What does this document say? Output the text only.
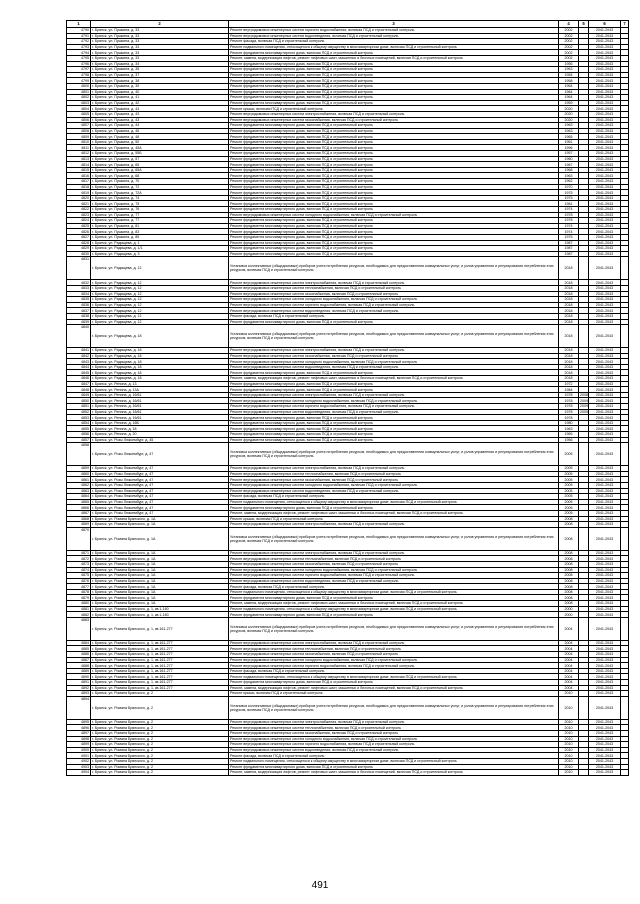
1	2	3	4	5	6	7
4790	г. Брянск, ул. Пушкина, д. 33	Ремонт внутридомовых инженерных систем горячего водоснабжения, включая ПСД и строительный контроль	2002		2041-2043	
4791	г. Брянск, ул. Пушкина, д. 33	Ремонт внутридомовых инженерных систем водоотведения, включая ПСД и строительный контроль	2002		2041-2043	
4792	г. Брянск, ул. Пушкина, д. 33	Ремонт фасада, включая ПСД и строительный контроль	2002		2041-2043	
4793	г. Брянск, ул. Пушкина, д. 33	Ремонт подвального помещения, относящегося к общему имуществу в многоквартирном доме, включая ПСД и строительный контроль	2002		2041-2043	
4794	г. Брянск, ул. Пушкина, д. 33	Ремонт фундамента многоквартирного дома, включая ПСД и строительный контроль	2002		2041-2043	
4795	г. Брянск, ул. Пушкина, д. 33	Ремонт, замена, модернизация лифтов, ремонт лифтовых шахт, машинных и блочных помещений, включая ПСД и строительный контроль	2002		2041-2043	
4796	г. Брянск, ул. Пушкина, д. 34	Ремонт фундамента многоквартирного дома, включая ПСД и строительный контроль	1956		2041-2043	
4797	г. Брянск, ул. Пушкина, д. 35	Ремонт фундамента многоквартирного дома, включая ПСД и строительный контроль	1963		2041-2043	
4798	г. Брянск, ул. Пушкина, д. 37	Ремонт фундамента многоквартирного дома, включая ПСД и строительный контроль	1954		2041-2043	
4799	г. Брянск, ул. Пушкина, д. 38	Ремонт фундамента многоквартирного дома, включая ПСД и строительный контроль	1958		2041-2043	
4800	г. Брянск, ул. Пушкина, д. 39	Ремонт фундамента многоквартирного дома, включая ПСД и строительный контроль	1964		2041-2043	
4801	г. Брянск, ул. Пушкина, д. 40	Ремонт фундамента многоквартирного дома, включая ПСД и строительный контроль	1964		2041-2043	
4802	г. Брянск, ул. Пушкина, д. 41	Ремонт фундамента многоквартирного дома, включая ПСД и строительный контроль	1964		2041-2043	
4803	г. Брянск, ул. Пушкина, д. 42	Ремонт фундамента многоквартирного дома, включая ПСД и строительный контроль	1959		2041-2043	
4804	г. Брянск, ул. Пушкина, д. 43	Ремонт крыши, включая ПСД и строительный контроль	2020		2041-2043	
4805	г. Брянск, ул. Пушкина, д. 43	Ремонт внутридомовых инженерных систем электроснабжения, включая ПСД и строительный контроль	2020		2041-2043	
4806	г. Брянск, ул. Пушкина, д. 43	Ремонт внутридомовых инженерных систем газоснабжения, включая ПСД и строительный контроль	2020		2041-2043	
4807	г. Брянск, ул. Пушкина, д. 44	Ремонт фундамента многоквартирного дома, включая ПСД и строительный контроль	1963		2041-2043	
4808	г. Брянск, ул. Пушкина, д. 46	Ремонт фундамента многоквартирного дома, включая ПСД и строительный контроль	1963		2041-2043	
4809	г. Брянск, ул. Пушкина, д. 48	Ремонт фундамента многоквартирного дома, включая ПСД и строительный контроль	1965		2041-2043	
4810	г. Брянск, ул. Пушкина, д. 50	Ремонт фундамента многоквартирного дома, включая ПСД и строительный контроль	1961		2041-2043	
4811	г. Брянск, ул. Пушкина, д. 45А	Ремонт фундамента многоквартирного дома, включая ПСД и строительный контроль	1996		2041-2043	
4812	г. Брянск, ул. Пушкина, д. 55Б	Ремонт фундамента многоквартирного дома, включая ПСД и строительный контроль	1957		2041-2043	
4813	г. Брянск, ул. Пушкина, д. 57	Ремонт фундамента многоквартирного дома, включая ПСД и строительный контроль	1960		2041-2043	
4814	г. Брянск, ул. Пушкина, д. 65	Ремонт фундамента многоквартирного дома, включая ПСД и строительный контроль	1967		2041-2043	
4815	г. Брянск, ул. Пушкина, д. 65А	Ремонт фундамента многоквартирного дома, включая ПСД и строительный контроль	1968		2041-2043	
4816	г. Брянск, ул. Пушкина, д. 68	Ремонт фундамента многоквартирного дома, включая ПСД и строительный контроль	1963		2041-2043	
4817	г. Брянск, ул. Пушкина, д. 70	Ремонт фундамента многоквартирного дома, включая ПСД и строительный контроль	1962		2041-2043	
4818	г. Брянск, ул. Пушкина, д. 72	Ремонт фундамента многоквартирного дома, включая ПСД и строительный контроль	1970		2041-2043	
4819	г. Брянск, ул. Пушкина, д. 72А	Ремонт фундамента многоквартирного дома, включая ПСД и строительный контроль	1975		2041-2043	
4820	г. Брянск, ул. Пушкина, д. 74	Ремонт фундамента многоквартирного дома, включая ПСД и строительный контроль	1975		2041-2043	
4821	г. Брянск, ул. Пушкина, д. 75	Ремонт фундамента многоквартирного дома, включая ПСД и строительный контроль	1981		2041-2043	
4822	г. Брянск, ул. Пушкина, д. 76	Ремонт фундамента многоквартирного дома, включая ПСД и строительный контроль	1974		2041-2043	
4823	г. Брянск, ул. Пушкина, д. 77	Ремонт внутридомовых инженерных систем холодного водоснабжения, включая ПСД и строительный контроль	1978		2041-2043	
4824	г. Брянск, ул. Пушкина, д. 77	Ремонт фундамента многоквартирного дома, включая ПСД и строительный контроль	1978		2041-2043	
4825	г. Брянск, ул. Пушкина, д. 81	Ремонт фундамента многоквартирного дома, включая ПСД и строительный контроль	1974		2041-2043	
4826	г. Брянск, ул. Пушкина, д. 83	Ремонт фундамента многоквартирного дома, включая ПСД и строительный контроль	1974		2041-2043	
4827	г. Брянск, ул. Пушкина, д. 85	Ремонт фундамента многоквартирного дома, включая ПСД и строительный контроль	1975		2041-2043	
4828	г. Брянск, ул. Радищева, д. 1	Ремонт фундамента многоквартирного дома, включая ПСД и строительный контроль	1987		2041-2043	
4829	г. Брянск, ул. Радищева, д. 1/1	Ремонт фундамента многоквартирного дома, включая ПСД и строительный контроль	1987		2041-2043	
4830	г. Брянск, ул. Радищева, д. 3	Ремонт фундамента многоквартирного дома, включая ПСД и строительный контроль	1987		2041-2043	
4831	г. Брянск, ул. Радищева, д. 12	Установка коллективных (общедомовых) приборов учета потребления ресурсов, необходимых для предоставления коммунальных услуг, и узлов управления и регулирования потребления этих ресурсов, включая ПСД и строительный контроль	2018		2041-2043	
4832	г. Брянск, ул. Радищева, д. 12	Ремонт внутридомовых инженерных систем электроснабжения, включая ПСД и строительный контроль	2018		2041-2043	
4833	г. Брянск, ул. Радищева, д. 12	Ремонт внутридомовых инженерных систем теплоснабжения, включая ПСД и строительный контроль	2018		2041-2043	
4834	г. Брянск, ул. Радищева, д. 12	Ремонт внутридомовых инженерных систем газоснабжения, включая ПСД и строительный контроль	2018		2041-2043	
4835	г. Брянск, ул. Радищева, д. 12	Ремонт внутридомовых инженерных систем холодного водоснабжения, включая ПСД и строительный контроль	2018		2041-2043	
4836	г. Брянск, ул. Радищева, д. 12	Ремонт внутридомовых инженерных систем горячего водоснабжения, включая ПСД и строительный контроль	2018		2041-2043	
4837	г. Брянск, ул. Радищева, д. 12	Ремонт внутридомовых инженерных систем водоотведения, включая ПСД и строительный контроль	2018		2041-2043	
4838	г. Брянск, ул. Радищева, д. 12	Ремонт фасада, включая ПСД и строительный контроль	2018		2041-2043	
4839	г. Брянск, ул. Радищева, д. 12	Ремонт фундамента многоквартирного дома, включая ПСД и строительный контроль	2018		2041-2043	
4840	г. Брянск, ул. Радищева, д. 18	Установка коллективных (общедомовых) приборов учета потребления ресурсов, необходимых для предоставления коммунальных услуг, и узлов управления и регулирования потребления этих ресурсов, включая ПСД и строительный контроль	2018		2041-2043	
4841	г. Брянск, ул. Радищева, д. 18	Ремонт внутридомовых инженерных систем электроснабжения, включая ПСД и строительный контроль	2018		2041-2043	
4842	г. Брянск, ул. Радищева, д. 18	Ремонт внутридомовых инженерных систем газоснабжения, включая ПСД и строительный контроль	2018		2041-2043	
4843	г. Брянск, ул. Радищева, д. 18	Ремонт внутридомовых инженерных систем холодного водоснабжения, включая ПСД и строительный контроль	2018		2041-2043	
4844	г. Брянск, ул. Радищева, д. 18	Ремонт внутридомовых инженерных систем водоотведения, включая ПСД и строительный контроль	2018		2041-2043	
4845	г. Брянск, ул. Радищева, д. 18	Ремонт фундамента многоквартирного дома, включая ПСД и строительный контроль	2018		2041-2043	
4846	г. Брянск, ул. Радищева, д. 18	Ремонт, замена, модернизация лифтов, ремонт лифтовых шахт, машинных и блочных помещений, включая ПСД и строительный контроль	2018		2041-2043	
4847	г. Брянск, ул. Репина, д. 13	Ремонт фундамента многоквартирного дома, включая ПСД и строительный контроль	1972		2041-2043	
4848	г. Брянск, ул. Репина, д. 13А	Ремонт фундамента многоквартирного дома, включая ПСД и строительный контроль	1984		2041-2043	
4849	г. Брянск, ул. Репина, д. 16/61	Ремонт внутридомовых инженерных систем электроснабжения, включая ПСД и строительный контроль	1978	2008	2041-2043	
4850	г. Брянск, ул. Репина, д. 16/61	Ремонт внутридомовых инженерных систем холодного водоснабжения, включая ПСД и строительный контроль	1978	2009	2041-2043	
4851	г. Брянск, ул. Репина, д. 16/61	Ремонт внутридомовых инженерных систем горячего водоснабжения, включая ПСД и строительный контроль	1978	2009	2041-2043	
4852	г. Брянск, ул. Репина, д. 16/61	Ремонт внутридомовых инженерных систем водоотведения, включая ПСД и строительный контроль	1978	2009	2041-2043	
4853	г. Брянск, ул. Репина, д. 16/61	Ремонт фундамента многоквартирного дома, включая ПСД и строительный контроль	1978		2041-2043	
4854	г. Брянск, ул. Репина, д. 16Б	Ремонт фундамента многоквартирного дома, включая ПСД и строительный контроль	1980		2041-2043	
4855	г. Брянск, ул. Репина, д. 18	Ремонт фундамента многоквартирного дома, включая ПСД и строительный контроль	1963		2041-2043	
4856	г. Брянск, ул. Репина, д. 20	Ремонт фундамента многоквартирного дома, включая ПСД и строительный контроль	1965		2041-2043	
4857	г. Брянск, ул. Розы Люксембург, д. 45	Ремонт фундамента многоквартирного дома, включая ПСД и строительный контроль	1956		2041-2043	
4858	г. Брянск, ул. Розы Люксембург, д. 47	Установка коллективных (общедомовых) приборов учета потребления ресурсов, необходимых для предоставления коммунальных услуг, и узлов управления и регулирования потребления этих ресурсов, включая ПСД и строительный контроль	2005		2041-2043	
4859	г. Брянск, ул. Розы Люксембург, д. 47	Ремонт внутридомовых инженерных систем электроснабжения, включая ПСД и строительный контроль	2005		2041-2043	
4860	г. Брянск, ул. Розы Люксембург, д. 47	Ремонт внутридомовых инженерных систем теплоснабжения, включая ПСД и строительный контроль	2005		2041-2043	
4861	г. Брянск, ул. Розы Люксембург, д. 47	Ремонт внутридомовых инженерных систем газоснабжения, включая ПСД и строительный контроль	2005		2041-2043	
4862	г. Брянск, ул. Розы Люксембург, д. 47	Ремонт внутридомовых инженерных систем холодного водоснабжения, включая ПСД и строительный контроль	2005		2041-2043	
4863	г. Брянск, ул. Розы Люксембург, д. 47	Ремонт внутридомовых инженерных систем водоотведения, включая ПСД и строительный контроль	2005		2041-2043	
4864	г. Брянск, ул. Розы Люксембург, д. 47	Ремонт фасада, включая ПСД и строительный контроль	2005		2041-2043	
4865	г. Брянск, ул. Розы Люксембург, д. 47	Ремонт подвального помещения, относящегося к общему имуществу в многоквартирном доме, включая ПСД и строительный контроль	2005		2041-2043	
4866	г. Брянск, ул. Розы Люксембург, д. 47	Ремонт фундамента многоквартирного дома, включая ПСД и строительный контроль	2005		2041-2043	
4867	г. Брянск, ул. Розы Люксембург, д. 47	Ремонт, замена, модернизация лифтов, ремонт лифтовых шахт, машинных и блочных помещений, включая ПСД и строительный контроль	2005		2041-2043	
4868	г. Брянск, ул. Романа Брянского, д. 1А	Ремонт крыши, включая ПСД и строительный контроль	2008		2041-2043	
4869	г. Брянск, ул. Романа Брянского, д. 1А	Ремонт внутридомовых инженерных систем электроснабжения, включая ПСД и строительный контроль	2008		2041-2043	
4870	г. Брянск, ул. Романа Брянского, д. 1А	Установка коллективных (общедомовых) приборов учета потребления ресурсов, необходимых для предоставления коммунальных услуг, и узлов управления и регулирования потребления этих ресурсов, включая ПСД и строительный контроль	2008		2041-2043	
4871	г. Брянск, ул. Романа Брянского, д. 1А	Ремонт внутридомовых инженерных систем электроснабжения, включая ПСД и строительный контроль	2008		2041-2043	
4872	г. Брянск, ул. Романа Брянского, д. 1А	Ремонт внутридомовых инженерных систем теплоснабжения, включая ПСД и строительный контроль	2008		2041-2043	
4873	г. Брянск, ул. Романа Брянского, д. 1А	Ремонт внутридомовых инженерных систем газоснабжения, включая ПСД и строительный контроль	2008		2041-2043	
4874	г. Брянск, ул. Романа Брянского, д. 1А	Ремонт внутридомовых инженерных систем холодного водоснабжения, включая ПСД и строительный контроль	2008		2041-2043	
4875	г. Брянск, ул. Романа Брянского, д. 1А	Ремонт внутридомовых инженерных систем горячего водоснабжения, включая ПСД и строительный контроль	2008		2041-2043	
4876	г. Брянск, ул. Романа Брянского, д. 1А	Ремонт внутридомовых инженерных систем водоотведения, включая ПСД и строительный контроль	2008		2041-2043	
4877	г. Брянск, ул. Романа Брянского, д. 1А	Ремонт фасада, включая ПСД и строительный контроль	2008		2041-2043	
4878	г. Брянск, ул. Романа Брянского, д. 1А	Ремонт подвального помещения, относящегося к общему имуществу в многоквартирном доме, включая ПСД и строительный контроль	2008		2041-2043	
4879	г. Брянск, ул. Романа Брянского, д. 1А	Ремонт фундамента многоквартирного дома, включая ПСД и строительный контроль	2008		2041-2043	
4880	г. Брянск, ул. Романа Брянского, д. 1А	Ремонт, замена, модернизация лифтов, ремонт лифтовых шахт, машинных и блочных помещений, включая ПСД и строительный контроль	2008		2041-2043	
4881	г. Брянск, ул. Романа Брянского, д. 1, кв.1-160	Ремонт подвального помещения, относящегося к общему имуществу в многоквартирном доме, включая ПСД и строительный контроль	2000		2041-2043	
4882	г. Брянск, ул. Романа Брянского, д. 1, кв.1-160	Ремонт фундамента многоквартирного дома, включая ПСД и строительный контроль	2000		2041-2043	
4883	г. Брянск, ул. Романа Брянского, д. 1, кв.161-277	Установка коллективных (общедомовых) приборов учета потребления ресурсов, необходимых для предоставления коммунальных услуг, и узлов управления и регулирования потребления этих ресурсов, включая ПСД и строительный контроль	2004		2041-2043	
4884	г. Брянск, ул. Романа Брянского, д. 1, кв.161-277	Ремонт внутридомовых инженерных систем электроснабжения, включая ПСД и строительный контроль	2004		2041-2043	
4885	г. Брянск, ул. Романа Брянского, д. 1, кв.161-277	Ремонт внутридомовых инженерных систем теплоснабжения, включая ПСД и строительный контроль	2004		2041-2043	
4886	г. Брянск, ул. Романа Брянского, д. 1, кв.161-277	Ремонт внутридомовых инженерных систем газоснабжения, включая ПСД и строительный контроль	2004		2041-2043	
4887	г. Брянск, ул. Романа Брянского, д. 1, кв.161-277	Ремонт внутридомовых инженерных систем холодного водоснабжения, включая ПСД и строительный контроль	2004		2041-2043	
4888	г. Брянск, ул. Романа Брянского, д. 1, кв.161-277	Ремонт внутридомовых инженерных систем горячего водоснабжения, включая ПСД и строительный контроль	2004		2041-2043	
4889	г. Брянск, ул. Романа Брянского, д. 1, кв.161-277	Ремонт фасада, включая ПСД и строительный контроль	2004		2041-2043	
4890	г. Брянск, ул. Романа Брянского, д. 1, кв.161-277	Ремонт подвального помещения, относящегося к общему имуществу в многоквартирном доме, включая ПСД и строительный контроль	2004		2041-2043	
4891	г. Брянск, ул. Романа Брянского, д. 1, кв.161-277	Ремонт фундамента многоквартирного дома, включая ПСД и строительный контроль	2004		2041-2043	
4892	г. Брянск, ул. Романа Брянского, д. 1, кв.161-277	Ремонт, замена, модернизация лифтов, ремонт лифтовых шахт, машинных и блочных помещений, включая ПСД и строительный контроль	2004		2041-2043	
4893	г. Брянск, ул. Романа Брянского, д. 2	Ремонт крыши, включая ПСД и строительный контроль	2010		2041-2043	
4894	г. Брянск, ул. Романа Брянского, д. 2	Установка коллективных (общедомовых) приборов учета потребления ресурсов, необходимых для предоставления коммунальных услуг, и узлов управления и регулирования потребления этих ресурсов, включая ПСД и строительный контроль	2010		2041-2043	
4895	г. Брянск, ул. Романа Брянского, д. 2	Ремонт внутридомовых инженерных систем электроснабжения, включая ПСД и строительный контроль	2010		2041-2043	
4896	г. Брянск, ул. Романа Брянского, д. 2	Ремонт внутридомовых инженерных систем теплоснабжения, включая ПСД и строительный контроль	2010		2041-2043	
4897	г. Брянск, ул. Романа Брянского, д. 2	Ремонт внутридомовых инженерных систем газоснабжения, включая ПСД и строительный контроль	2010		2041-2043	
4898	г. Брянск, ул. Романа Брянского, д. 2	Ремонт внутридомовых инженерных систем холодного водоснабжения, включая ПСД и строительный контроль	2010		2041-2043	
4899	г. Брянск, ул. Романа Брянского, д. 2	Ремонт внутридомовых инженерных систем горячего водоснабжения, включая ПСД и строительный контроль	2010		2041-2043	
4900	г. Брянск, ул. Романа Брянского, д. 2	Ремонт внутридомовых инженерных систем водоотведения, включая ПСД и строительный контроль	2010		2041-2043	
4901	г. Брянск, ул. Романа Брянского, д. 2	Ремонт фасада, включая ПСД и строительный контроль	2010		2041-2043	
4902	г. Брянск, ул. Романа Брянского, д. 2	Ремонт подвального помещения, относящегося к общему имуществу в многоквартирном доме, включая ПСД и строительный контроль	2010		2041-2043	
4903	г. Брянск, ул. Романа Брянского, д. 2	Ремонт фундамента многоквартирного дома, включая ПСД и строительный контроль	2010		2041-2043	
4904	г. Брянск, ул. Романа Брянского, д. 2	Ремонт, замена, модернизация лифтов, ремонт лифтовых шахт, машинных и блочных помещений, включая ПСД и строительный контроль	2010		2041-2043	
491
